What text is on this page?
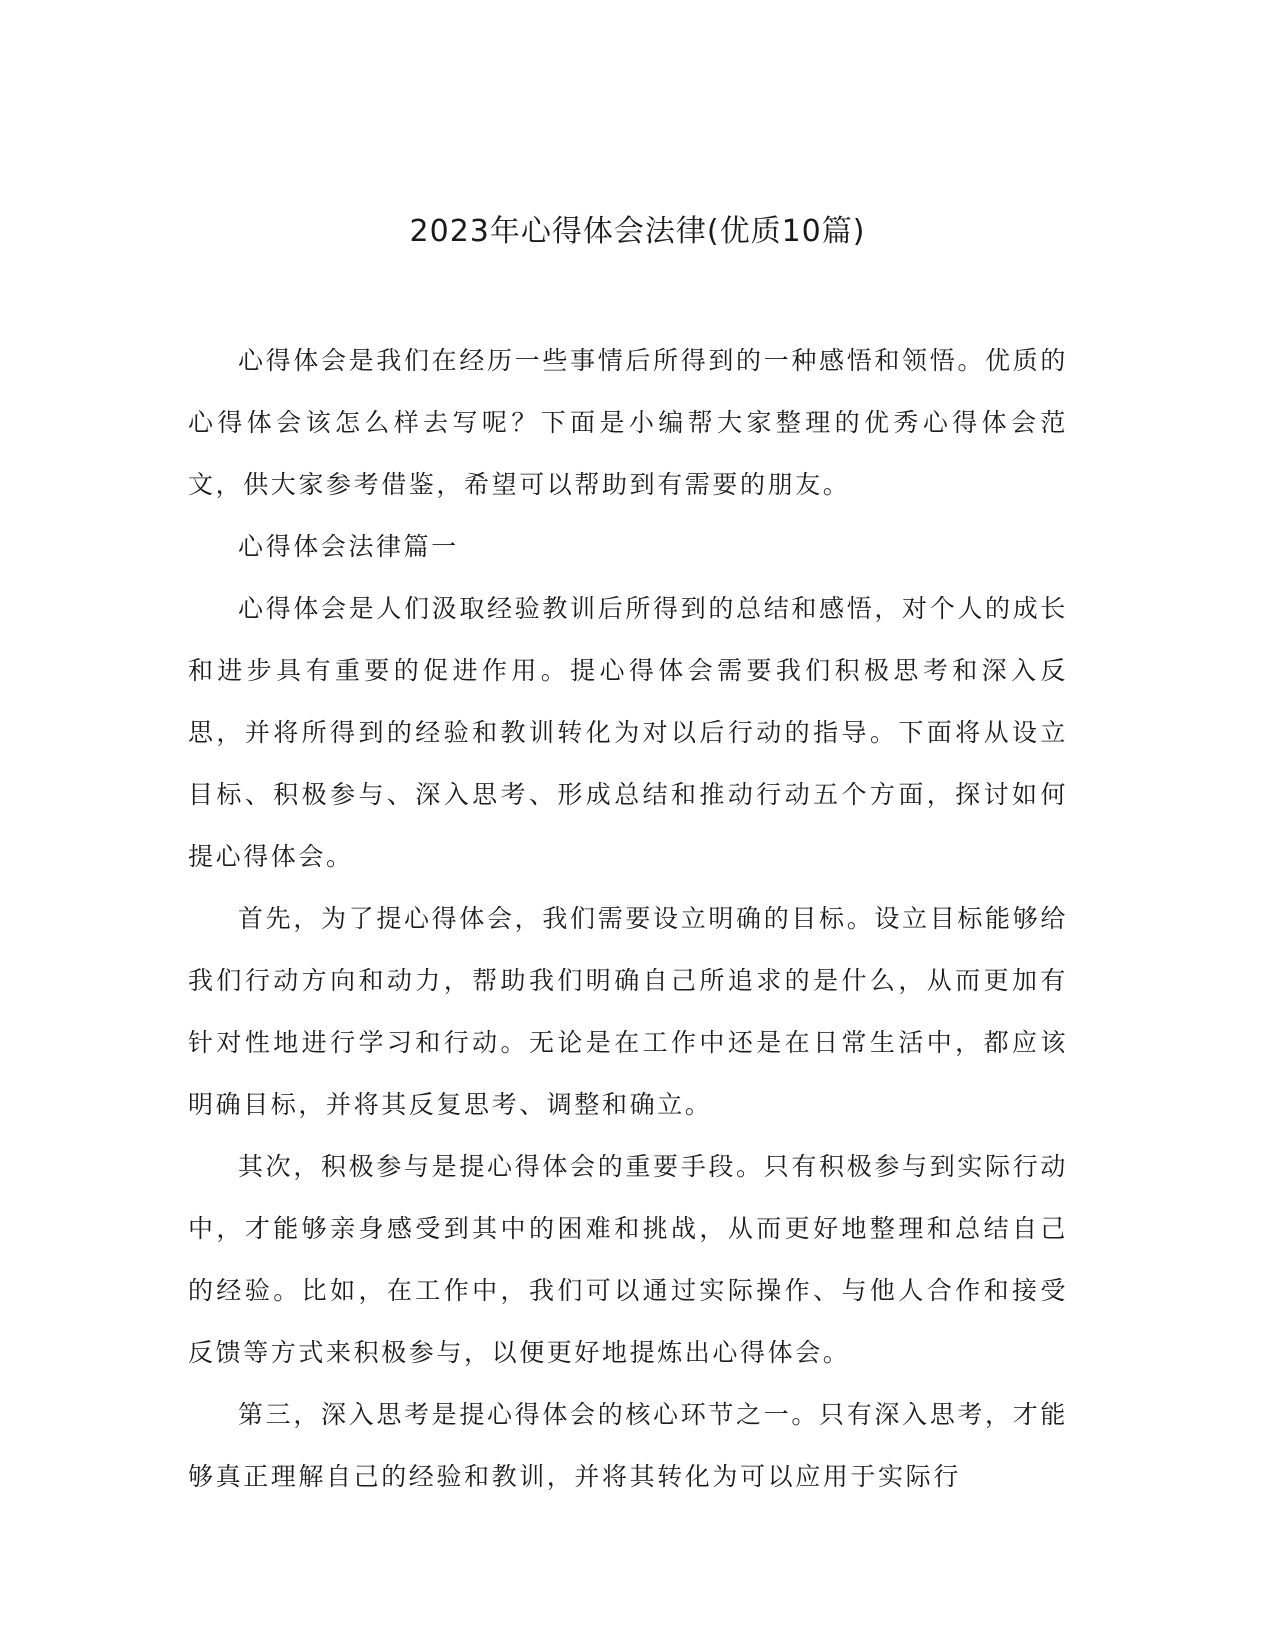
2023年心得体会法律(优质10篇)

心得体会是我们在经历一些事情后所得到的一种感悟和领悟。优质的心得体会该怎么样去写呢？下面是小编帮大家整理的优秀心得体会范文，供大家参考借鉴，希望可以帮助到有需要的朋友。

心得体会法律篇一

心得体会是人们汲取经验教训后所得到的总结和感悟，对个人的成长和进步具有重要的促进作用。提心得体会需要我们积极思考和深入反思，并将所得到的经验和教训转化为对以后行动的指导。下面将从设立目标、积极参与、深入思考、形成总结和推动行动五个方面，探讨如何提心得体会。

首先，为了提心得体会，我们需要设立明确的目标。设立目标能够给我们行动方向和动力，帮助我们明确自己所追求的是什么，从而更加有针对性地进行学习和行动。无论是在工作中还是在日常生活中，都应该明确目标，并将其反复思考、调整和确立。

其次，积极参与是提心得体会的重要手段。只有积极参与到实际行动中，才能够亲身感受到其中的困难和挑战，从而更好地整理和总结自己的经验。比如，在工作中，我们可以通过实际操作、与他人合作和接受反馈等方式来积极参与，以便更好地提炼出心得体会。

第三，深入思考是提心得体会的核心环节之一。只有深入思考，才能够真正理解自己的经验和教训，并将其转化为可以应用于实际行
